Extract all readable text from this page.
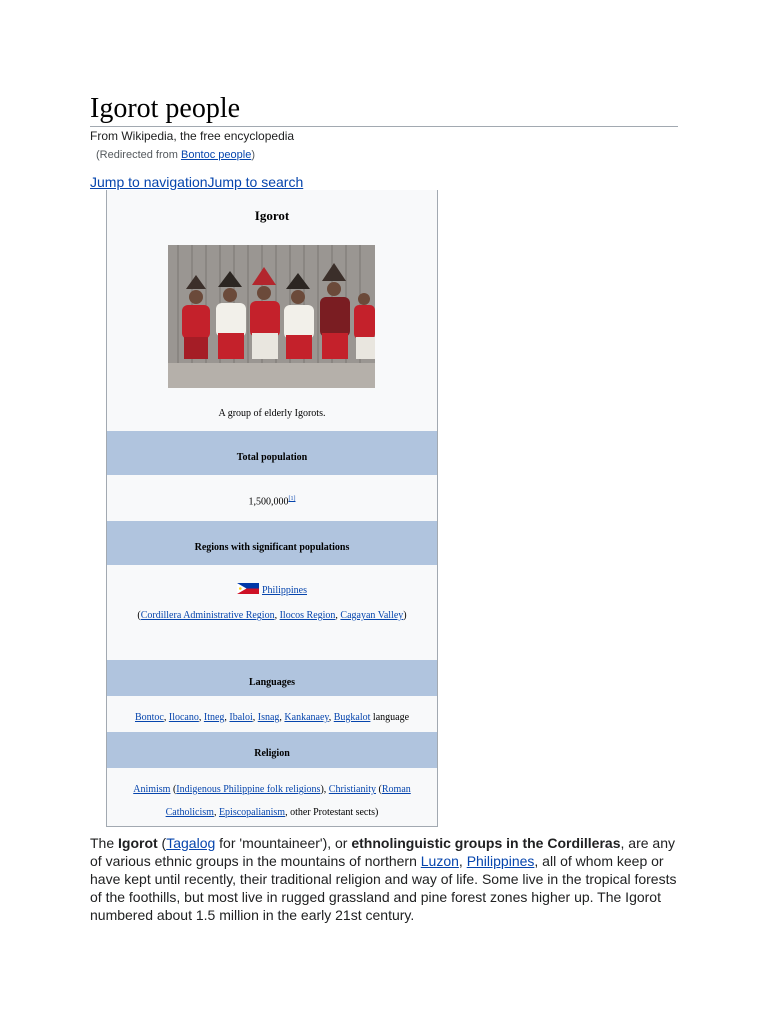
Igorot people
From Wikipedia, the free encyclopedia
(Redirected from Bontoc people)
Jump to navigationJump to search
Igorot
A group of elderly Igorots.
Total population
1,500,000[1]
Regions with significant populations
Philippines
(Cordillera Administrative Region, Ilocos Region, Cagayan Valley)
Languages
Bontoc, Ilocano, Itneg, Ibaloi, Isnag, Kankanaey, Bugkalot language
Religion
Animism (Indigenous Philippine folk religions), Christianity (Roman
Catholicism, Episcopalianism, other Protestant sects)
The Igorot (Tagalog for 'mountaineer'), or ethnolinguistic groups in the Cordilleras, are any of various ethnic groups in the mountains of northern Luzon, Philippines, all of whom keep or have kept until recently, their traditional religion and way of life. Some live in the tropical forests of the foothills, but most live in rugged grassland and pine forest zones higher up. The Igorot numbered about 1.5 million in the early 21st century.
